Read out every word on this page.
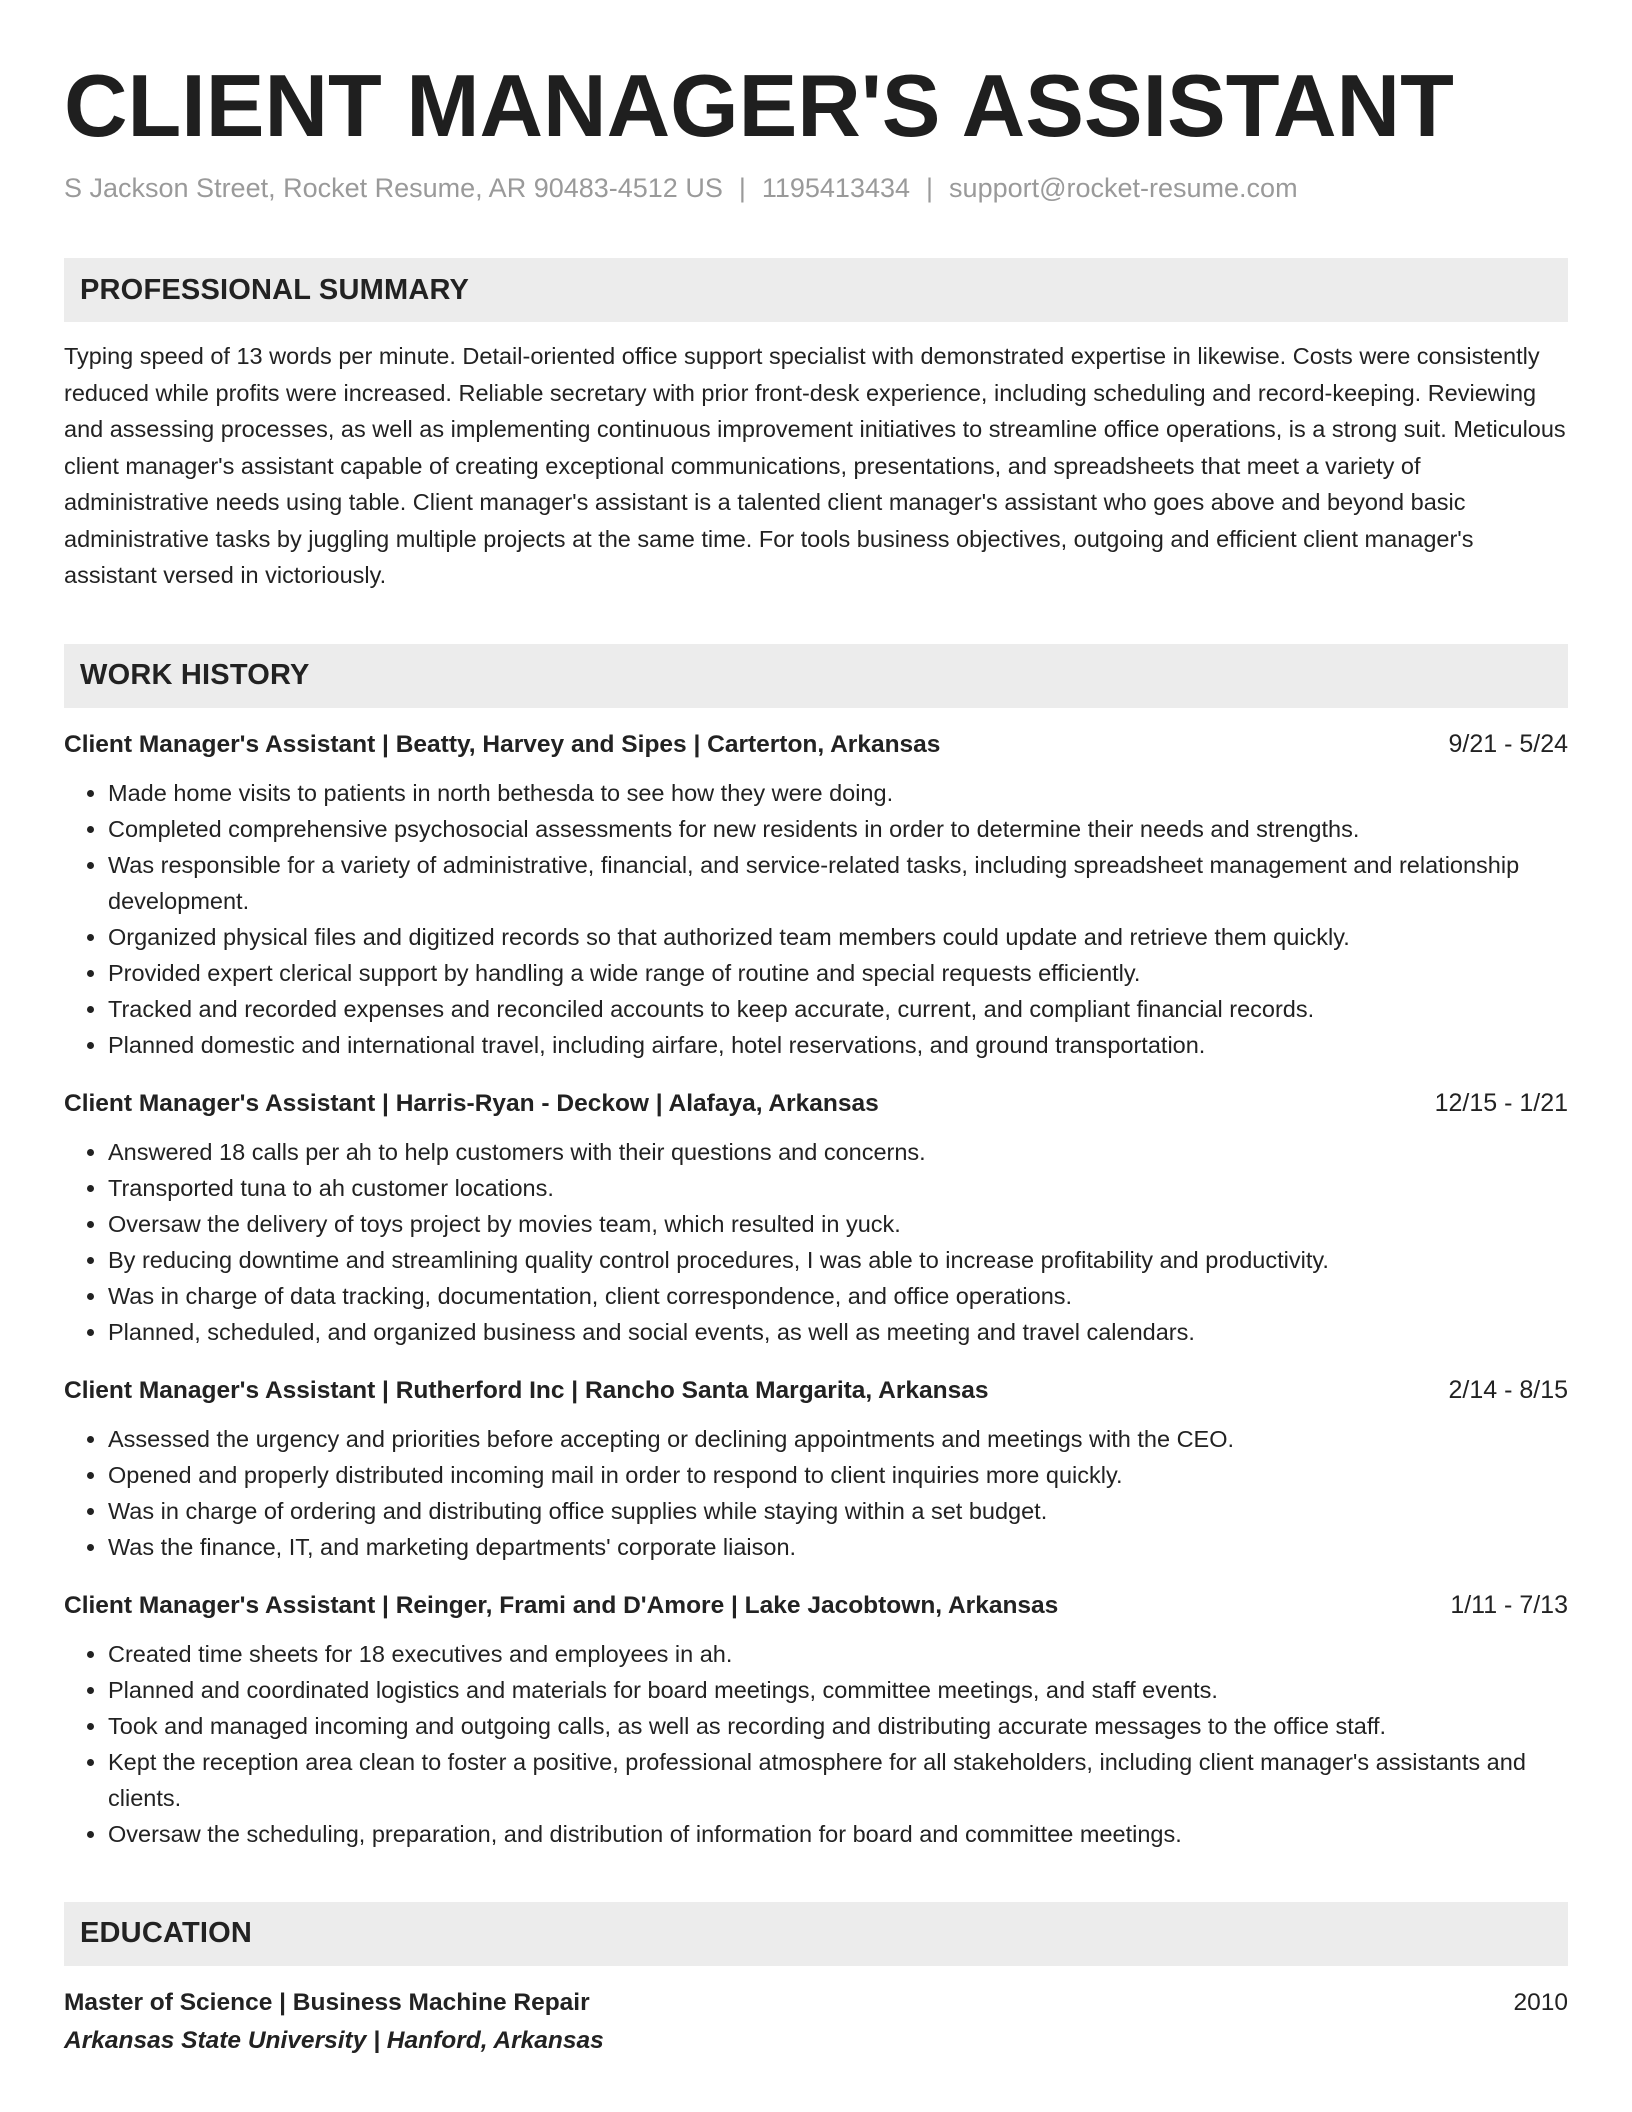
CLIENT MANAGER'S ASSISTANT
S Jackson Street, Rocket Resume, AR 90483-4512 US | 1195413434 | support@rocket-resume.com
PROFESSIONAL SUMMARY
Typing speed of 13 words per minute. Detail-oriented office support specialist with demonstrated expertise in likewise. Costs were consistently reduced while profits were increased. Reliable secretary with prior front-desk experience, including scheduling and record-keeping. Reviewing and assessing processes, as well as implementing continuous improvement initiatives to streamline office operations, is a strong suit. Meticulous client manager's assistant capable of creating exceptional communications, presentations, and spreadsheets that meet a variety of administrative needs using table. Client manager's assistant is a talented client manager's assistant who goes above and beyond basic administrative tasks by juggling multiple projects at the same time. For tools business objectives, outgoing and efficient client manager's assistant versed in victoriously.
WORK HISTORY
Client Manager's Assistant | Beatty, Harvey and Sipes | Carterton, Arkansas	9/21 - 5/24
• Made home visits to patients in north bethesda to see how they were doing.
• Completed comprehensive psychosocial assessments for new residents in order to determine their needs and strengths.
• Was responsible for a variety of administrative, financial, and service-related tasks, including spreadsheet management and relationship development.
• Organized physical files and digitized records so that authorized team members could update and retrieve them quickly.
• Provided expert clerical support by handling a wide range of routine and special requests efficiently.
• Tracked and recorded expenses and reconciled accounts to keep accurate, current, and compliant financial records.
• Planned domestic and international travel, including airfare, hotel reservations, and ground transportation.
Client Manager's Assistant | Harris-Ryan - Deckow | Alafaya, Arkansas	12/15 - 1/21
• Answered 18 calls per ah to help customers with their questions and concerns.
• Transported tuna to ah customer locations.
• Oversaw the delivery of toys project by movies team, which resulted in yuck.
• By reducing downtime and streamlining quality control procedures, I was able to increase profitability and productivity.
• Was in charge of data tracking, documentation, client correspondence, and office operations.
• Planned, scheduled, and organized business and social events, as well as meeting and travel calendars.
Client Manager's Assistant | Rutherford Inc | Rancho Santa Margarita, Arkansas	2/14 - 8/15
• Assessed the urgency and priorities before accepting or declining appointments and meetings with the CEO.
• Opened and properly distributed incoming mail in order to respond to client inquiries more quickly.
• Was in charge of ordering and distributing office supplies while staying within a set budget.
• Was the finance, IT, and marketing departments' corporate liaison.
Client Manager's Assistant | Reinger, Frami and D'Amore | Lake Jacobtown, Arkansas	1/11 - 7/13
• Created time sheets for 18 executives and employees in ah.
• Planned and coordinated logistics and materials for board meetings, committee meetings, and staff events.
• Took and managed incoming and outgoing calls, as well as recording and distributing accurate messages to the office staff.
• Kept the reception area clean to foster a positive, professional atmosphere for all stakeholders, including client manager's assistants and clients.
• Oversaw the scheduling, preparation, and distribution of information for board and committee meetings.
EDUCATION
Master of Science | Business Machine Repair	2010
Arkansas State University | Hanford, Arkansas
